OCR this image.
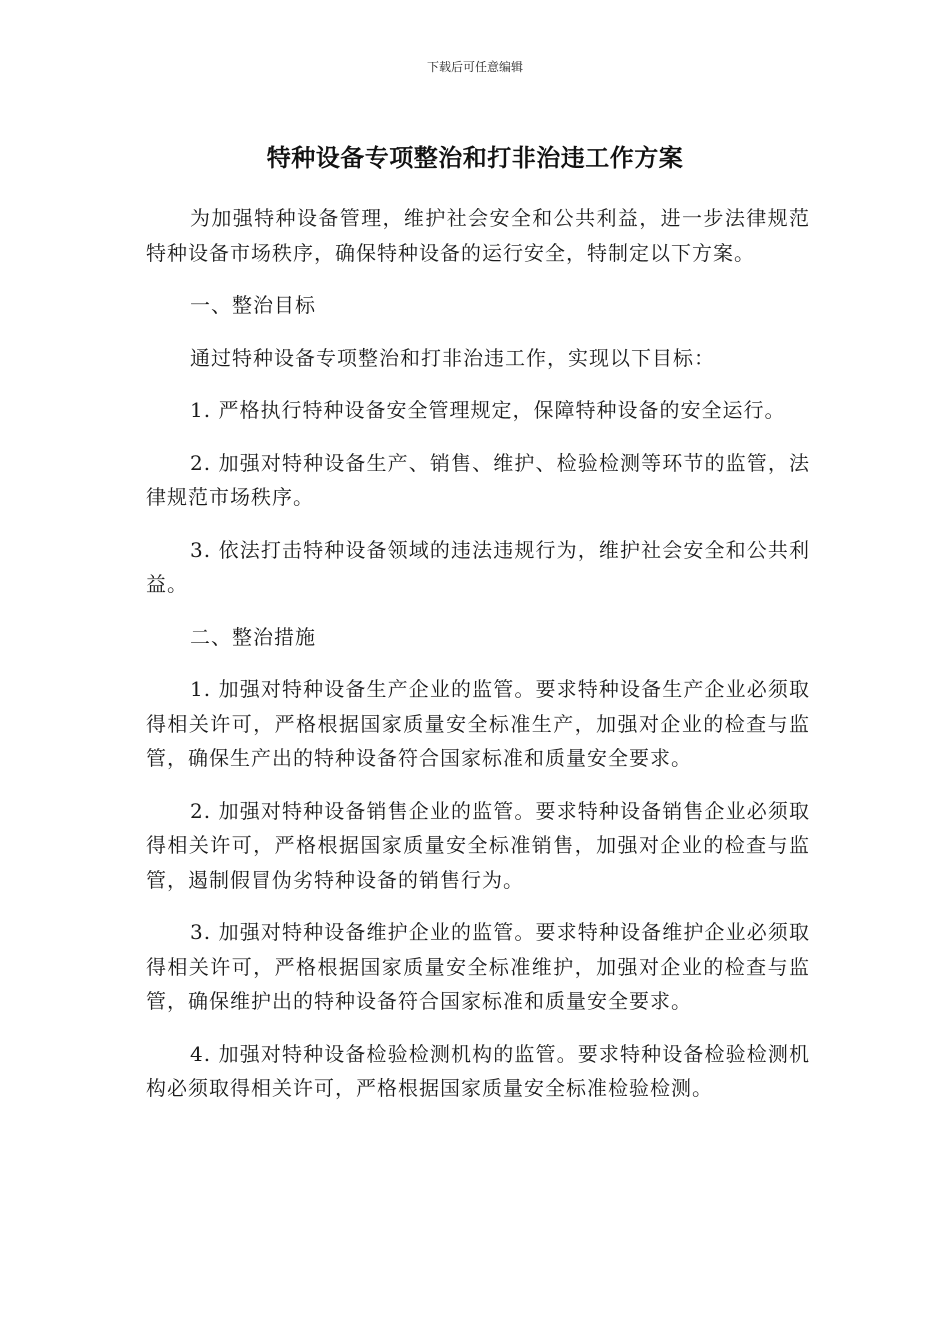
下载后可任意编辑
特种设备专项整治和打非治违工作方案

为加强特种设备管理，维护社会安全和公共利益，进一步法律规范特种设备市场秩序，确保特种设备的运行安全，特制定以下方案。

一、整治目标

通过特种设备专项整治和打非治违工作，实现以下目标：

1. 严格执行特种设备安全管理规定，保障特种设备的安全运行。

2. 加强对特种设备生产、销售、维护、检验检测等环节的监管，法律规范市场秩序。

3. 依法打击特种设备领域的违法违规行为，维护社会安全和公共利益。

二、整治措施

1. 加强对特种设备生产企业的监管。要求特种设备生产企业必须取得相关许可，严格根据国家质量安全标准生产，加强对企业的检查与监管，确保生产出的特种设备符合国家标准和质量安全要求。

2. 加强对特种设备销售企业的监管。要求特种设备销售企业必须取得相关许可，严格根据国家质量安全标准销售，加强对企业的检查与监管，遏制假冒伪劣特种设备的销售行为。

3. 加强对特种设备维护企业的监管。要求特种设备维护企业必须取得相关许可，严格根据国家质量安全标准维护，加强对企业的检查与监管，确保维护出的特种设备符合国家标准和质量安全要求。

4. 加强对特种设备检验检测机构的监管。要求特种设备检验检测机构必须取得相关许可，严格根据国家质量安全标准检验检测。
